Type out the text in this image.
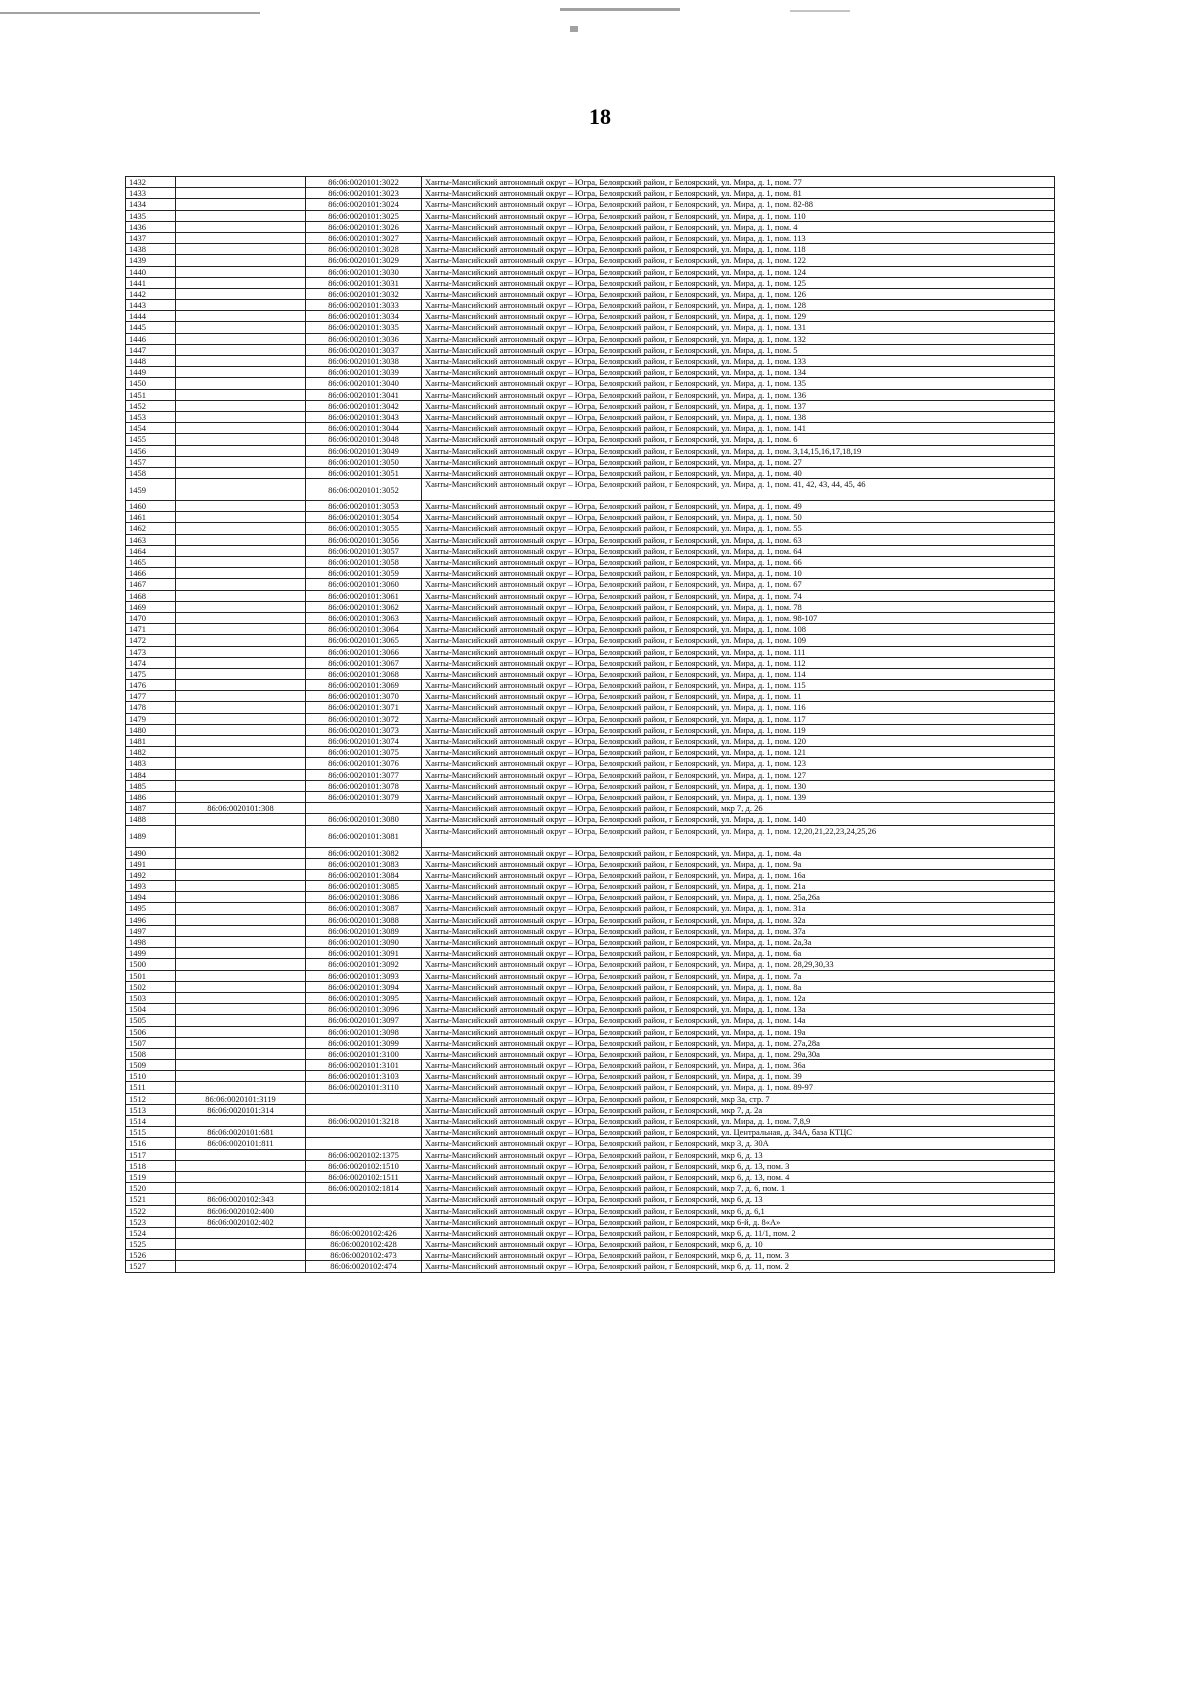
18
1432		86:06:0020101:3022	Ханты-Мансийский автономный округ – Югра, Белоярский район, г Белоярский, ул. Мира, д. 1, пом. 77
1433		86:06:0020101:3023	Ханты-Мансийский автономный округ – Югра, Белоярский район, г Белоярский, ул. Мира, д. 1, пом. 81
1434		86:06:0020101:3024	Ханты-Мансийский автономный округ – Югра, Белоярский район, г Белоярский, ул. Мира, д. 1, пом. 82-88
1435		86:06:0020101:3025	Ханты-Мансийский автономный округ – Югра, Белоярский район, г Белоярский, ул. Мира, д. 1, пом. 110
1436		86:06:0020101:3026	Ханты-Мансийский автономный округ – Югра, Белоярский район, г Белоярский, ул. Мира, д. 1, пом. 4
1437		86:06:0020101:3027	Ханты-Мансийский автономный округ – Югра, Белоярский район, г Белоярский, ул. Мира, д. 1, пом. 113
1438		86:06:0020101:3028	Ханты-Мансийский автономный округ – Югра, Белоярский район, г Белоярский, ул. Мира, д. 1, пом. 118
1439		86:06:0020101:3029	Ханты-Мансийский автономный округ – Югра, Белоярский район, г Белоярский, ул. Мира, д. 1, пом. 122
1440		86:06:0020101:3030	Ханты-Мансийский автономный округ – Югра, Белоярский район, г Белоярский, ул. Мира, д. 1, пом. 124
1441		86:06:0020101:3031	Ханты-Мансийский автономный округ – Югра, Белоярский район, г Белоярский, ул. Мира, д. 1, пом. 125
1442		86:06:0020101:3032	Ханты-Мансийский автономный округ – Югра, Белоярский район, г Белоярский, ул. Мира, д. 1, пом. 126
1443		86:06:0020101:3033	Ханты-Мансийский автономный округ – Югра, Белоярский район, г Белоярский, ул. Мира, д. 1, пом. 128
1444		86:06:0020101:3034	Ханты-Мансийский автономный округ – Югра, Белоярский район, г Белоярский, ул. Мира, д. 1, пом. 129
1445		86:06:0020101:3035	Ханты-Мансийский автономный округ – Югра, Белоярский район, г Белоярский, ул. Мира, д. 1, пом. 131
1446		86:06:0020101:3036	Ханты-Мансийский автономный округ – Югра, Белоярский район, г Белоярский, ул. Мира, д. 1, пом. 132
1447		86:06:0020101:3037	Ханты-Мансийский автономный округ – Югра, Белоярский район, г Белоярский, ул. Мира, д. 1, пом. 5
1448		86:06:0020101:3038	Ханты-Мансийский автономный округ – Югра, Белоярский район, г Белоярский, ул. Мира, д. 1, пом. 133
1449		86:06:0020101:3039	Ханты-Мансийский автономный округ – Югра, Белоярский район, г Белоярский, ул. Мира, д. 1, пом. 134
1450		86:06:0020101:3040	Ханты-Мансийский автономный округ – Югра, Белоярский район, г Белоярский, ул. Мира, д. 1, пом. 135
1451		86:06:0020101:3041	Ханты-Мансийский автономный округ – Югра, Белоярский район, г Белоярский, ул. Мира, д. 1, пом. 136
1452		86:06:0020101:3042	Ханты-Мансийский автономный округ – Югра, Белоярский район, г Белоярский, ул. Мира, д. 1, пом. 137
1453		86:06:0020101:3043	Ханты-Мансийский автономный округ – Югра, Белоярский район, г Белоярский, ул. Мира, д. 1, пом. 138
1454		86:06:0020101:3044	Ханты-Мансийский автономный округ – Югра, Белоярский район, г Белоярский, ул. Мира, д. 1, пом. 141
1455		86:06:0020101:3048	Ханты-Мансийский автономный округ – Югра, Белоярский район, г Белоярский, ул. Мира, д. 1, пом. 6
1456		86:06:0020101:3049	Ханты-Мансийский автономный округ – Югра, Белоярский район, г Белоярский, ул. Мира, д. 1, пом. 3,14,15,16,17,18,19
1457		86:06:0020101:3050	Ханты-Мансийский автономный округ – Югра, Белоярский район, г Белоярский, ул. Мира, д. 1, пом. 27
1458		86:06:0020101:3051	Ханты-Мансийский автономный округ – Югра, Белоярский район, г Белоярский, ул. Мира, д. 1, пом. 40
1459		86:06:0020101:3052	Ханты-Мансийский автономный округ – Югра, Белоярский район, г Белоярский, ул. Мира, д. 1, пом. 41, 42, 43, 44, 45, 46
1460		86:06:0020101:3053	Ханты-Мансийский автономный округ – Югра, Белоярский район, г Белоярский, ул. Мира, д. 1, пом. 49
1461		86:06:0020101:3054	Ханты-Мансийский автономный округ – Югра, Белоярский район, г Белоярский, ул. Мира, д. 1, пом. 50
1462		86:06:0020101:3055	Ханты-Мансийский автономный округ – Югра, Белоярский район, г Белоярский, ул. Мира, д. 1, пом. 55
1463		86:06:0020101:3056	Ханты-Мансийский автономный округ – Югра, Белоярский район, г Белоярский, ул. Мира, д. 1, пом. 63
1464		86:06:0020101:3057	Ханты-Мансийский автономный округ – Югра, Белоярский район, г Белоярский, ул. Мира, д. 1, пом. 64
1465		86:06:0020101:3058	Ханты-Мансийский автономный округ – Югра, Белоярский район, г Белоярский, ул. Мира, д. 1, пом. 66
1466		86:06:0020101:3059	Ханты-Мансийский автономный округ – Югра, Белоярский район, г Белоярский, ул. Мира, д. 1, пом. 10
1467		86:06:0020101:3060	Ханты-Мансийский автономный округ – Югра, Белоярский район, г Белоярский, ул. Мира, д. 1, пом. 67
1468		86:06:0020101:3061	Ханты-Мансийский автономный округ – Югра, Белоярский район, г Белоярский, ул. Мира, д. 1, пом. 74
1469		86:06:0020101:3062	Ханты-Мансийский автономный округ – Югра, Белоярский район, г Белоярский, ул. Мира, д. 1, пом. 78
1470		86:06:0020101:3063	Ханты-Мансийский автономный округ – Югра, Белоярский район, г Белоярский, ул. Мира, д. 1, пом. 98-107
1471		86:06:0020101:3064	Ханты-Мансийский автономный округ – Югра, Белоярский район, г Белоярский, ул. Мира, д. 1, пом. 108
1472		86:06:0020101:3065	Ханты-Мансийский автономный округ – Югра, Белоярский район, г Белоярский, ул. Мира, д. 1, пом. 109
1473		86:06:0020101:3066	Ханты-Мансийский автономный округ – Югра, Белоярский район, г Белоярский, ул. Мира, д. 1, пом. 111
1474		86:06:0020101:3067	Ханты-Мансийский автономный округ – Югра, Белоярский район, г Белоярский, ул. Мира, д. 1, пом. 112
1475		86:06:0020101:3068	Ханты-Мансийский автономный округ – Югра, Белоярский район, г Белоярский, ул. Мира, д. 1, пом. 114
1476		86:06:0020101:3069	Ханты-Мансийский автономный округ – Югра, Белоярский район, г Белоярский, ул. Мира, д. 1, пом. 115
1477		86:06:0020101:3070	Ханты-Мансийский автономный округ – Югра, Белоярский район, г Белоярский, ул. Мира, д. 1, пом. 11
1478		86:06:0020101:3071	Ханты-Мансийский автономный округ – Югра, Белоярский район, г Белоярский, ул. Мира, д. 1, пом. 116
1479		86:06:0020101:3072	Ханты-Мансийский автономный округ – Югра, Белоярский район, г Белоярский, ул. Мира, д. 1, пом. 117
1480		86:06:0020101:3073	Ханты-Мансийский автономный округ – Югра, Белоярский район, г Белоярский, ул. Мира, д. 1, пом. 119
1481		86:06:0020101:3074	Ханты-Мансийский автономный округ – Югра, Белоярский район, г Белоярский, ул. Мира, д. 1, пом. 120
1482		86:06:0020101:3075	Ханты-Мансийский автономный округ – Югра, Белоярский район, г Белоярский, ул. Мира, д. 1, пом. 121
1483		86:06:0020101:3076	Ханты-Мансийский автономный округ – Югра, Белоярский район, г Белоярский, ул. Мира, д. 1, пом. 123
1484		86:06:0020101:3077	Ханты-Мансийский автономный округ – Югра, Белоярский район, г Белоярский, ул. Мира, д. 1, пом. 127
1485		86:06:0020101:3078	Ханты-Мансийский автономный округ – Югра, Белоярский район, г Белоярский, ул. Мира, д. 1, пом. 130
1486		86:06:0020101:3079	Ханты-Мансийский автономный округ – Югра, Белоярский район, г Белоярский, ул. Мира, д. 1, пом. 139
1487	86:06:0020101:308		Ханты-Мансийский автономный округ – Югра, Белоярский район, г Белоярский, мкр 7, д. 26
1488		86:06:0020101:3080	Ханты-Мансийский автономный округ – Югра, Белоярский район, г Белоярский, ул. Мира, д. 1, пом. 140
1489		86:06:0020101:3081	Ханты-Мансийский автономный округ – Югра, Белоярский район, г Белоярский, ул. Мира, д. 1, пом. 12,20,21,22,23,24,25,26
1490		86:06:0020101:3082	Ханты-Мансийский автономный округ – Югра, Белоярский район, г Белоярский, ул. Мира, д. 1, пом. 4а
1491		86:06:0020101:3083	Ханты-Мансийский автономный округ – Югра, Белоярский район, г Белоярский, ул. Мира, д. 1, пом. 9а
1492		86:06:0020101:3084	Ханты-Мансийский автономный округ – Югра, Белоярский район, г Белоярский, ул. Мира, д. 1, пом. 16а
1493		86:06:0020101:3085	Ханты-Мансийский автономный округ – Югра, Белоярский район, г Белоярский, ул. Мира, д. 1, пом. 21а
1494		86:06:0020101:3086	Ханты-Мансийский автономный округ – Югра, Белоярский район, г Белоярский, ул. Мира, д. 1, пом. 25а,26а
1495		86:06:0020101:3087	Ханты-Мансийский автономный округ – Югра, Белоярский район, г Белоярский, ул. Мира, д. 1, пом. 31а
1496		86:06:0020101:3088	Ханты-Мансийский автономный округ – Югра, Белоярский район, г Белоярский, ул. Мира, д. 1, пом. 32а
1497		86:06:0020101:3089	Ханты-Мансийский автономный округ – Югра, Белоярский район, г Белоярский, ул. Мира, д. 1, пом. 37а
1498		86:06:0020101:3090	Ханты-Мансийский автономный округ – Югра, Белоярский район, г Белоярский, ул. Мира, д. 1, пом. 2а,3а
1499		86:06:0020101:3091	Ханты-Мансийский автономный округ – Югра, Белоярский район, г Белоярский, ул. Мира, д. 1, пом. 6а
1500		86:06:0020101:3092	Ханты-Мансийский автономный округ – Югра, Белоярский район, г Белоярский, ул. Мира, д. 1, пом. 28,29,30,33
1501		86:06:0020101:3093	Ханты-Мансийский автономный округ – Югра, Белоярский район, г Белоярский, ул. Мира, д. 1, пом. 7а
1502		86:06:0020101:3094	Ханты-Мансийский автономный округ – Югра, Белоярский район, г Белоярский, ул. Мира, д. 1, пом. 8а
1503		86:06:0020101:3095	Ханты-Мансийский автономный округ – Югра, Белоярский район, г Белоярский, ул. Мира, д. 1, пом. 12а
1504		86:06:0020101:3096	Ханты-Мансийский автономный округ – Югра, Белоярский район, г Белоярский, ул. Мира, д. 1, пом. 13а
1505		86:06:0020101:3097	Ханты-Мансийский автономный округ – Югра, Белоярский район, г Белоярский, ул. Мира, д. 1, пом. 14а
1506		86:06:0020101:3098	Ханты-Мансийский автономный округ – Югра, Белоярский район, г Белоярский, ул. Мира, д. 1, пом. 19а
1507		86:06:0020101:3099	Ханты-Мансийский автономный округ – Югра, Белоярский район, г Белоярский, ул. Мира, д. 1, пом. 27а,28а
1508		86:06:0020101:3100	Ханты-Мансийский автономный округ – Югра, Белоярский район, г Белоярский, ул. Мира, д. 1, пом. 29а,30а
1509		86:06:0020101:3101	Ханты-Мансийский автономный округ – Югра, Белоярский район, г Белоярский, ул. Мира, д. 1, пом. 36а
1510		86:06:0020101:3103	Ханты-Мансийский автономный округ – Югра, Белоярский район, г Белоярский, ул. Мира, д. 1, пом. 39
1511		86:06:0020101:3110	Ханты-Мансийский автономный округ – Югра, Белоярский район, г Белоярский, ул. Мира, д. 1, пом. 89-97
1512	86:06:0020101:3119		Ханты-Мансийский автономный округ – Югра, Белоярский район, г Белоярский, мкр 3а, стр. 7
1513	86:06:0020101:314		Ханты-Мансийский автономный округ – Югра, Белоярский район, г Белоярский, мкр 7, д. 2а
1514		86:06:0020101:3218	Ханты-Мансийский автономный округ – Югра, Белоярский район, г Белоярский, ул. Мира, д. 1, пом. 7,8,9
1515	86:06:0020101:681		Ханты-Мансийский автономный округ – Югра, Белоярский район, г Белоярский, ул. Центральная, д. 34А, база КТЦС
1516	86:06:0020101:811		Ханты-Мансийский автономный округ – Югра, Белоярский район, г Белоярский, мкр 3, д. 30А
1517		86:06:0020102:1375	Ханты-Мансийский автономный округ – Югра, Белоярский район, г Белоярский, мкр 6, д. 13
1518		86:06:0020102:1510	Ханты-Мансийский автономный округ – Югра, Белоярский район, г Белоярский, мкр 6, д. 13, пом. 3
1519		86:06:0020102:1511	Ханты-Мансийский автономный округ – Югра, Белоярский район, г Белоярский, мкр 6, д. 13, пом. 4
1520		86:06:0020102:1814	Ханты-Мансийский автономный округ – Югра, Белоярский район, г Белоярский, мкр 7, д. 6, пом. 1
1521	86:06:0020102:343		Ханты-Мансийский автономный округ – Югра, Белоярский район, г Белоярский, мкр 6, д. 13
1522	86:06:0020102:400		Ханты-Мансийский автономный округ – Югра, Белоярский район, г Белоярский, мкр 6, д. 6,1
1523	86:06:0020102:402		Ханты-Мансийский автономный округ – Югра, Белоярский район, г Белоярский, мкр 6-й, д. 8«А»
1524		86:06:0020102:426	Ханты-Мансийский автономный округ – Югра, Белоярский район, г Белоярский, мкр 6, д. 11/1, пом. 2
1525		86:06:0020102:428	Ханты-Мансийский автономный округ – Югра, Белоярский район, г Белоярский, мкр 6, д. 10
1526		86:06:0020102:473	Ханты-Мансийский автономный округ – Югра, Белоярский район, г Белоярский, мкр 6, д. 11, пом. 3
1527		86:06:0020102:474	Ханты-Мансийский автономный округ – Югра, Белоярский район, г Белоярский, мкр 6, д. 11, пом. 2
